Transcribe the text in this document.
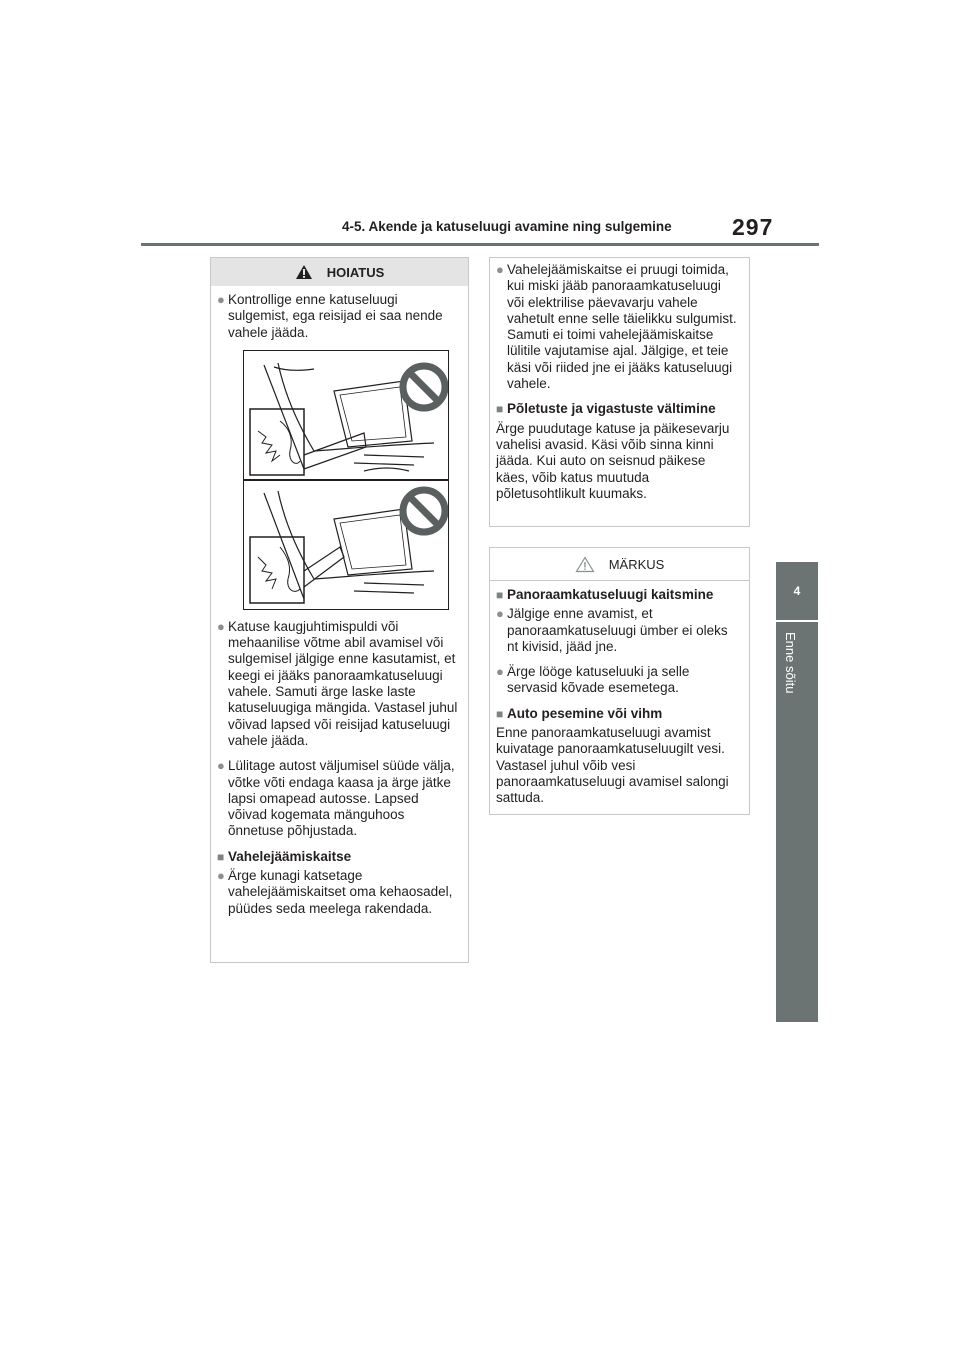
4-5. Akende ja katuseluugi avamine ning sulgemine	297
4
Enne sõitu
HOIATUS
● Kontrollige enne katuseluugi sulgemist, ega reisijad ei saa nende vahele jääda.
● Katuse kaugjuhtimispuldi või mehaanilise võtme abil avamisel või sulgemisel jälgige enne kasutamist, et keegi ei jääks panoraamkatuseluugi vahele. Samuti ärge laske laste katuseluugiga mängida. Vastasel juhul võivad lapsed või reisijad katuseluugi vahele jääda.
● Lülitage autost väljumisel süüde välja, võtke võti endaga kaasa ja ärge jätke lapsi omapead autosse. Lapsed võivad kogemata mänguhoos õnnetuse põhjustada.
■ Vahelejäämiskaitse
● Ärge kunagi katsetage vahelejäämiskaitset oma kehaosadel, püüdes seda meelega rakendada.
● Vahelejäämiskaitse ei pruugi toimida, kui miski jääb panoraamkatuseluugi või elektrilise päevavarju vahele vahetult enne selle täielikku sulgumist. Samuti ei toimi vahelejäämiskaitse lülitile vajutamise ajal. Jälgige, et teie käsi või riided jne ei jääks katuseluugi vahele.
■ Põletuste ja vigastuste vältimine
Ärge puudutage katuse ja päikesevarju vahelisi avasid. Käsi võib sinna kinni jääda. Kui auto on seisnud päikese käes, võib katus muutuda põletusohtlikult kuumaks.
MÄRKUS
■ Panoraamkatuseluugi kaitsmine
● Jälgige enne avamist, et panoraamkatuseluugi ümber ei oleks nt kivisid, jääd jne.
● Ärge lööge katuseluuki ja selle servasid kõvade esemetega.
■ Auto pesemine või vihm
Enne panoraamkatuseluugi avamist kuivatage panoraamkatuseluugilt vesi. Vastasel juhul võib vesi panoraamkatuseluugi avamisel salongi sattuda.
